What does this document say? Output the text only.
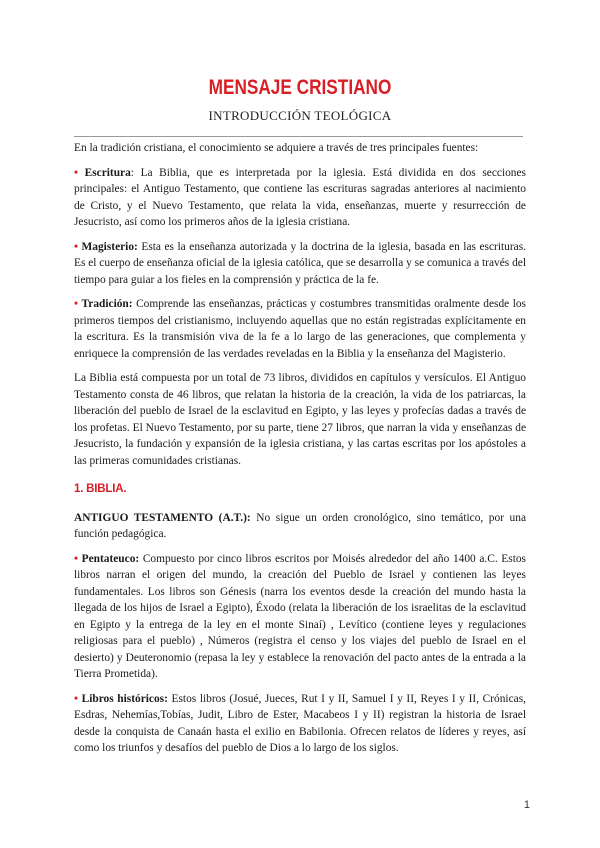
MENSAJE CRISTIANO
INTRODUCCIÓN TEOLÓGICA

En la tradición cristiana, el conocimiento se adquiere a través de tres principales fuentes:

• Escritura: La Biblia, que es interpretada por la iglesia. Está dividida en dos secciones principales: el Antiguo Testamento, que contiene las escrituras sagradas anteriores al nacimiento de Cristo, y el Nuevo Testamento, que relata la vida, enseñanzas, muerte y resurrección de Jesucristo, así como los primeros años de la iglesia cristiana.

• Magisterio: Esta es la enseñanza autorizada y la doctrina de la iglesia, basada en las escrituras. Es el cuerpo de enseñanza oficial de la iglesia católica, que se desarrolla y se comunica a través del tiempo para guiar a los fieles en la comprensión y práctica de la fe.

• Tradición: Comprende las enseñanzas, prácticas y costumbres transmitidas oralmente desde los primeros tiempos del cristianismo, incluyendo aquellas que no están registradas explícitamente en la escritura. Es la transmisión viva de la fe a lo largo de las generaciones, que complementa y enriquece la comprensión de las verdades reveladas en la Biblia y la enseñanza del Magisterio.

La Biblia está compuesta por un total de 73 libros, divididos en capítulos y versículos. El Antiguo Testamento consta de 46 libros, que relatan la historia de la creación, la vida de los patriarcas, la liberación del pueblo de Israel de la esclavitud en Egipto, y las leyes y profecías dadas a través de los profetas. El Nuevo Testamento, por su parte, tiene 27 libros, que narran la vida y enseñanzas de Jesucristo, la fundación y expansión de la iglesia cristiana, y las cartas escritas por los apóstoles a las primeras comunidades cristianas.

1. BIBLIA.

ANTIGUO TESTAMENTO (A.T.): No sigue un orden cronológico, sino temático, por una función pedagógica.

• Pentateuco: Compuesto por cinco libros escritos por Moisés alrededor del año 1400 a.C. Estos libros narran el origen del mundo, la creación del Pueblo de Israel y contienen las leyes fundamentales. Los libros son Génesis (narra los eventos desde la creación del mundo hasta la llegada de los hijos de Israel a Egipto), Éxodo (relata la liberación de los israelitas de la esclavitud en Egipto y la entrega de la ley en el monte Sinaí) , Levítico (contiene leyes y regulaciones religiosas para el pueblo) , Números (registra el censo y los viajes del pueblo de Israel en el desierto) y Deuteronomio (repasa la ley y establece la renovación del pacto antes de la entrada a la Tierra Prometida).

• Libros históricos: Estos libros (Josué, Jueces, Rut I y II, Samuel I y II, Reyes I y II, Crónicas, Esdras, Nehemías,Tobías, Judit, Libro de Ester, Macabeos I y II) registran la historia de Israel desde la conquista de Canaán hasta el exilio en Babilonia. Ofrecen relatos de líderes y reyes, así como los triunfos y desafíos del pueblo de Dios a lo largo de los siglos.

1
